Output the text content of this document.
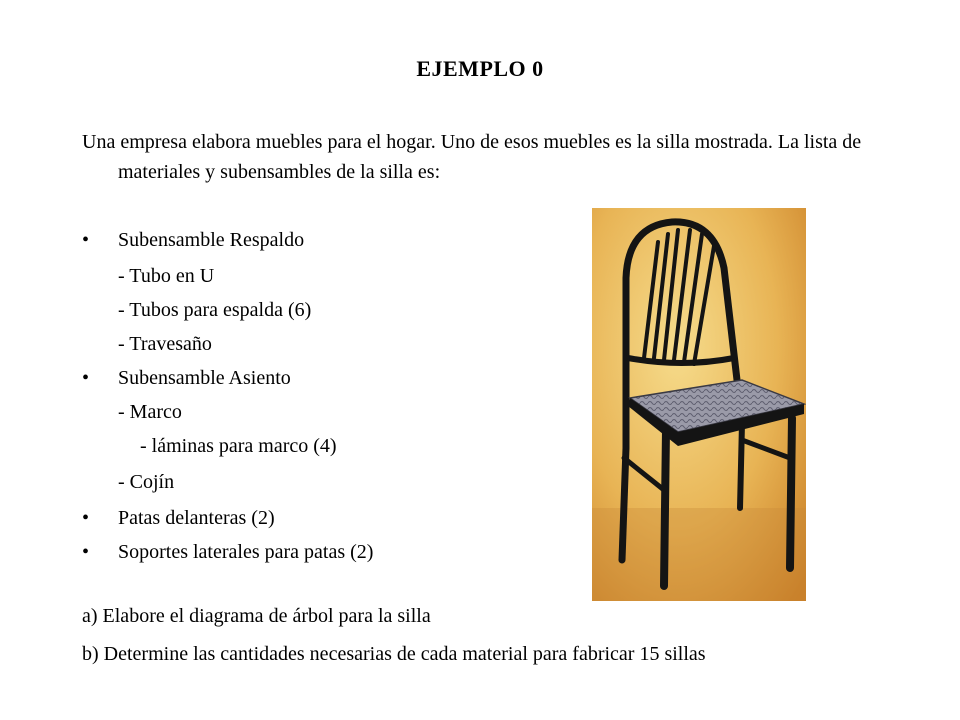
EJEMPLO 0
Una empresa elabora muebles para el hogar. Uno de esos muebles es la silla mostrada. La lista de materiales y subensambles de la silla es:
• Subensamble Respaldo
- Tubo en U
- Tubos para espalda (6)
- Travesaño
• Subensamble Asiento
- Marco
- láminas para marco (4)
- Cojín
• Patas delanteras (2)
• Soportes laterales para patas (2)
a) Elabore el diagrama de árbol para la silla
b) Determine las cantidades necesarias de cada material para fabricar 15 sillas
